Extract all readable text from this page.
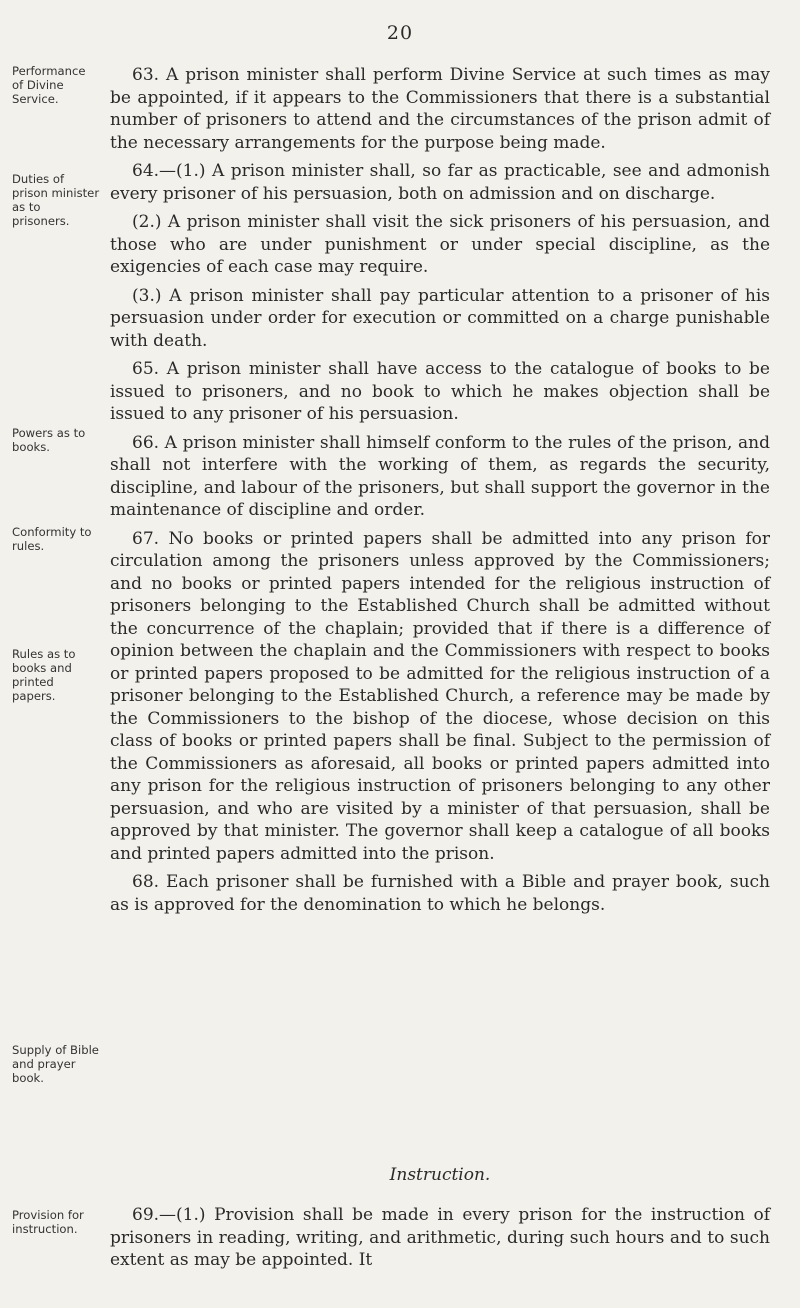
20
Performance of Divine Service.
Duties of prison minister as to prisoners.
Powers as to books.
Conformity to rules.
Rules as to books and printed papers.
Supply of Bible and prayer book.
Provision for instruction.

63. A prison minister shall perform Divine Service at such times as may be appointed, if it appears to the Commissioners that there is a substantial number of prisoners to attend and the circumstances of the prison admit of the necessary arrangements for the purpose being made.

64.—(1.) A prison minister shall, so far as practicable, see and admonish every prisoner of his persuasion, both on admission and on discharge.

(2.) A prison minister shall visit the sick prisoners of his persuasion, and those who are under punishment or under special discipline, as the exigencies of each case may require.

(3.) A prison minister shall pay particular attention to a prisoner of his persuasion under order for execution or committed on a charge punishable with death.

65. A prison minister shall have access to the catalogue of books to be issued to prisoners, and no book to which he makes objection shall be issued to any prisoner of his persuasion.

66. A prison minister shall himself conform to the rules of the prison, and shall not interfere with the working of them, as regards the security, discipline, and labour of the prisoners, but shall support the governor in the maintenance of discipline and order.

67. No books or printed papers shall be admitted into any prison for circulation among the prisoners unless approved by the Commissioners; and no books or printed papers intended for the religious instruction of prisoners belonging to the Established Church shall be admitted without the concurrence of the chaplain; provided that if there is a difference of opinion between the chaplain and the Commissioners with respect to books or printed papers proposed to be admitted for the religious instruction of a prisoner belonging to the Established Church, a reference may be made by the Commissioners to the bishop of the diocese, whose decision on this class of books or printed papers shall be final. Subject to the permission of the Commissioners as aforesaid, all books or printed papers admitted into any prison for the religious instruction of prisoners belonging to any other persuasion, and who are visited by a minister of that persuasion, shall be approved by that minister. The governor shall keep a catalogue of all books and printed papers admitted into the prison.

68. Each prisoner shall be furnished with a Bible and prayer book, such as is approved for the denomination to which he belongs.

Instruction.

69.—(1.) Provision shall be made in every prison for the instruction of prisoners in reading, writing, and arithmetic, during such hours and to such extent as may be appointed. It
